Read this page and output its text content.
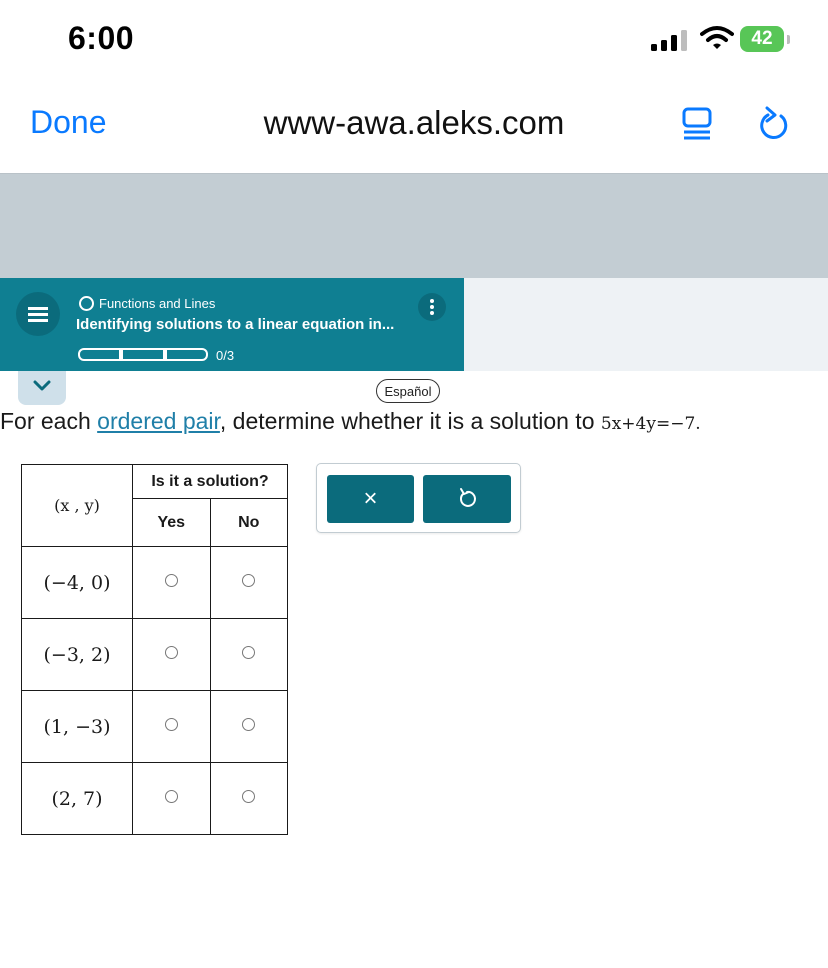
6:00	42
Done	www-awa.aleks.com
Functions and Lines
Identifying solutions to a linear equation in...
0/3
Español
For each ordered pair, determine whether it is a solution to 5x+4y=−7.
(x , y)	Is it a solution?	
	Yes	No
(−4, 0)		
(−3, 2)		
(1, −3)		
(2, 7)		
×
